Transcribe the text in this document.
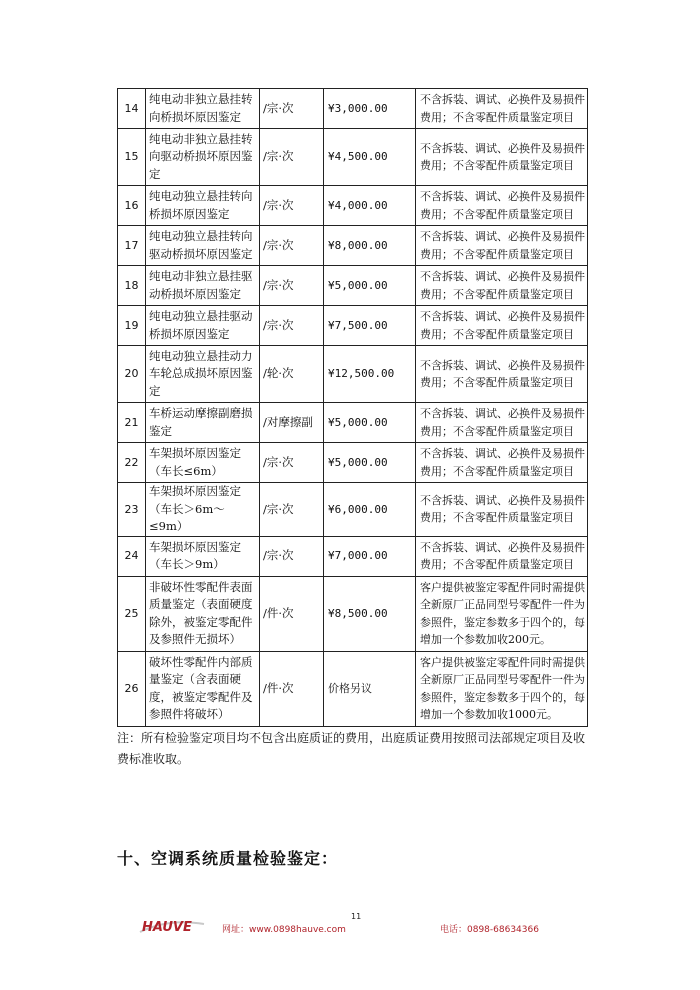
14	纯电动非独立悬挂转向桥损坏原因鉴定	/宗·次	¥3,000.00	不含拆装、调试、必换件及易损件费用；不含零配件质量鉴定项目
15	纯电动非独立悬挂转向驱动桥损坏原因鉴定	/宗·次	¥4,500.00	不含拆装、调试、必换件及易损件费用；不含零配件质量鉴定项目
16	纯电动独立悬挂转向桥损坏原因鉴定	/宗·次	¥4,000.00	不含拆装、调试、必换件及易损件费用；不含零配件质量鉴定项目
17	纯电动独立悬挂转向驱动桥损坏原因鉴定	/宗·次	¥8,000.00	不含拆装、调试、必换件及易损件费用；不含零配件质量鉴定项目
18	纯电动非独立悬挂驱动桥损坏原因鉴定	/宗·次	¥5,000.00	不含拆装、调试、必换件及易损件费用；不含零配件质量鉴定项目
19	纯电动独立悬挂驱动桥损坏原因鉴定	/宗·次	¥7,500.00	不含拆装、调试、必换件及易损件费用；不含零配件质量鉴定项目
20	纯电动独立悬挂动力车轮总成损坏原因鉴定	/轮·次	¥12,500.00	不含拆装、调试、必换件及易损件费用；不含零配件质量鉴定项目
21	车桥运动摩擦副磨损鉴定	/对摩擦副	¥5,000.00	不含拆装、调试、必换件及易损件费用；不含零配件质量鉴定项目
22	车架损坏原因鉴定（车长≤6m）	/宗·次	¥5,000.00	不含拆装、调试、必换件及易损件费用；不含零配件质量鉴定项目
23	车架损坏原因鉴定（车长＞6m～≤9m）	/宗·次	¥6,000.00	不含拆装、调试、必换件及易损件费用；不含零配件质量鉴定项目
24	车架损坏原因鉴定（车长＞9m）	/宗·次	¥7,000.00	不含拆装、调试、必换件及易损件费用；不含零配件质量鉴定项目
25	非破坏性零配件表面质量鉴定（表面硬度除外，被鉴定零配件及参照件无损坏）	/件·次	¥8,500.00	客户提供被鉴定零配件同时需提供全新原厂正品同型号零配件一件为参照件，鉴定参数多于四个的，每增加一个参数加收200元。
26	破坏性零配件内部质量鉴定（含表面硬度，被鉴定零配件及参照件将破坏）	/件·次	价格另议	客户提供被鉴定零配件同时需提供全新原厂正品同型号零配件一件为参照件，鉴定参数多于四个的，每增加一个参数加收1000元。

注：所有检验鉴定项目均不包含出庭质证的费用，出庭质证费用按照司法部规定项目及收费标准收取。

十、空调系统质量检验鉴定：
HAUVE	网址：www.0898hauve.com
11
电话：0898-68634366
